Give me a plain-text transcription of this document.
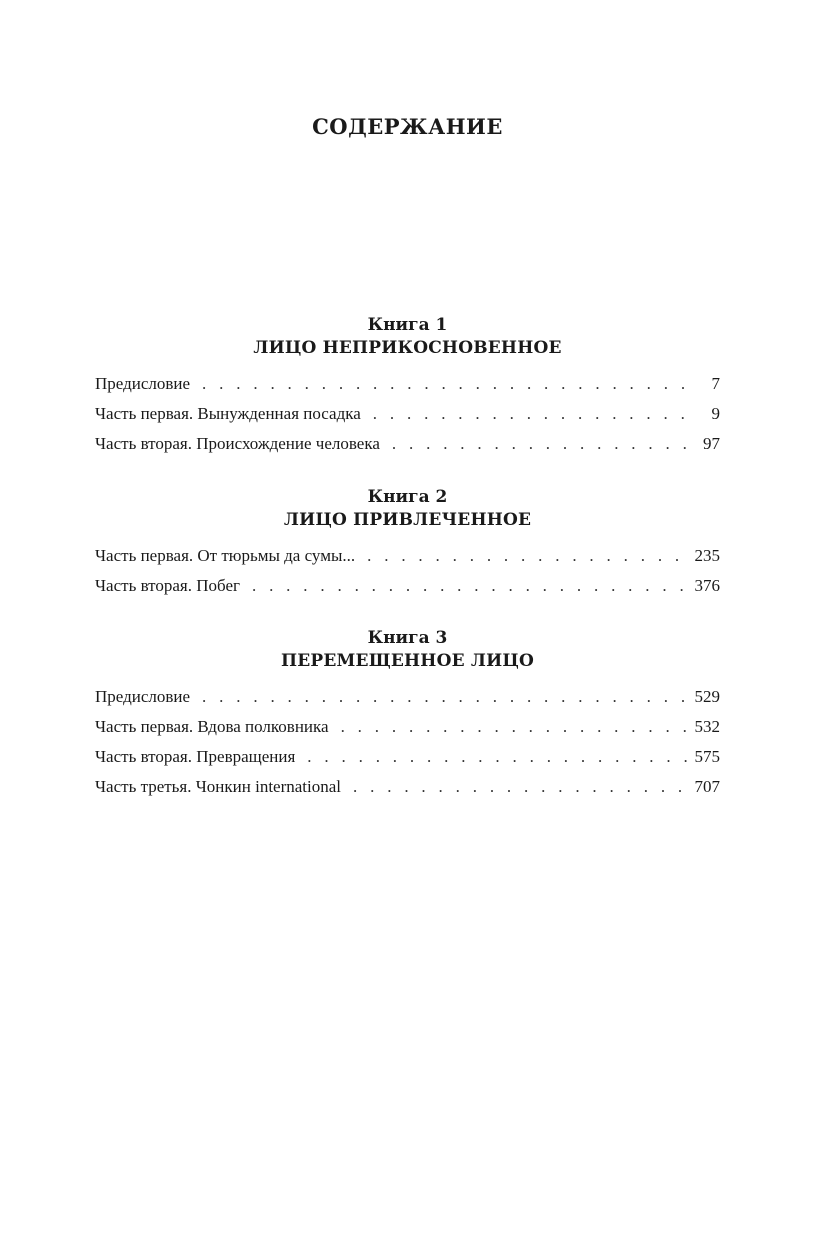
СОДЕРЖАНИЕ
Книга 1
ЛИЦО НЕПРИКОСНОВЕННОЕ
Предисловие . . .	7
Часть первая. Вынужденная посадка . . .	9
Часть вторая. Происхождение человека . . .	97
Книга 2
ЛИЦО ПРИВЛЕЧЕННОЕ
Часть первая. От тюрьмы да сумы... . . .	235
Часть вторая. Побег . . .	376
Книга 3
ПЕРЕМЕЩЕННОЕ ЛИЦО
Предисловие . . .	529
Часть первая. Вдова полковника . . .	532
Часть вторая. Превращения . . .	575
Часть третья. Чонкин international . . .	707
